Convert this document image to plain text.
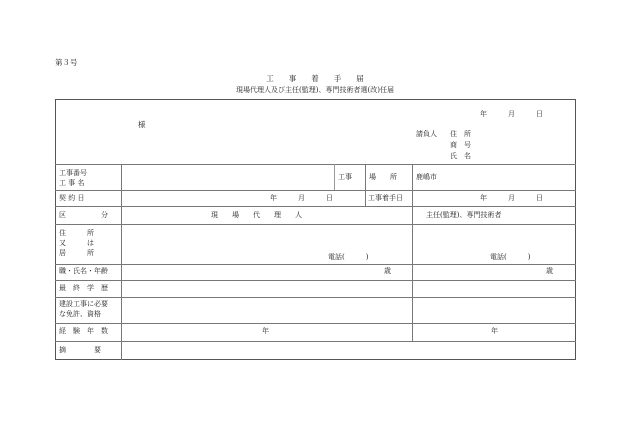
第３号
工　　事　　着　　手　　届
現場代理人及び主任(監理)、専門技術者選(改)任届
年　　　月　　　日
様
請負人 住　所
商　号
氏　名
工事番号
工 事 名
工事 場　　所	鹿嶋市
契 約 日	年　　　月　　　日	工事着手日	年　　　月　　　日
区　　　　　分	現　　場　　代　　理　　人	主任(監理)、専門技術者
住　　　所
又　　　は
居　　　所	電話(　　　)	電話(　　　)
職・氏名・年齢	歳	歳
最　終　学　歴
建設工事に必要
な免許、資格
経　験　年　数	年	年
摘　　　　要
